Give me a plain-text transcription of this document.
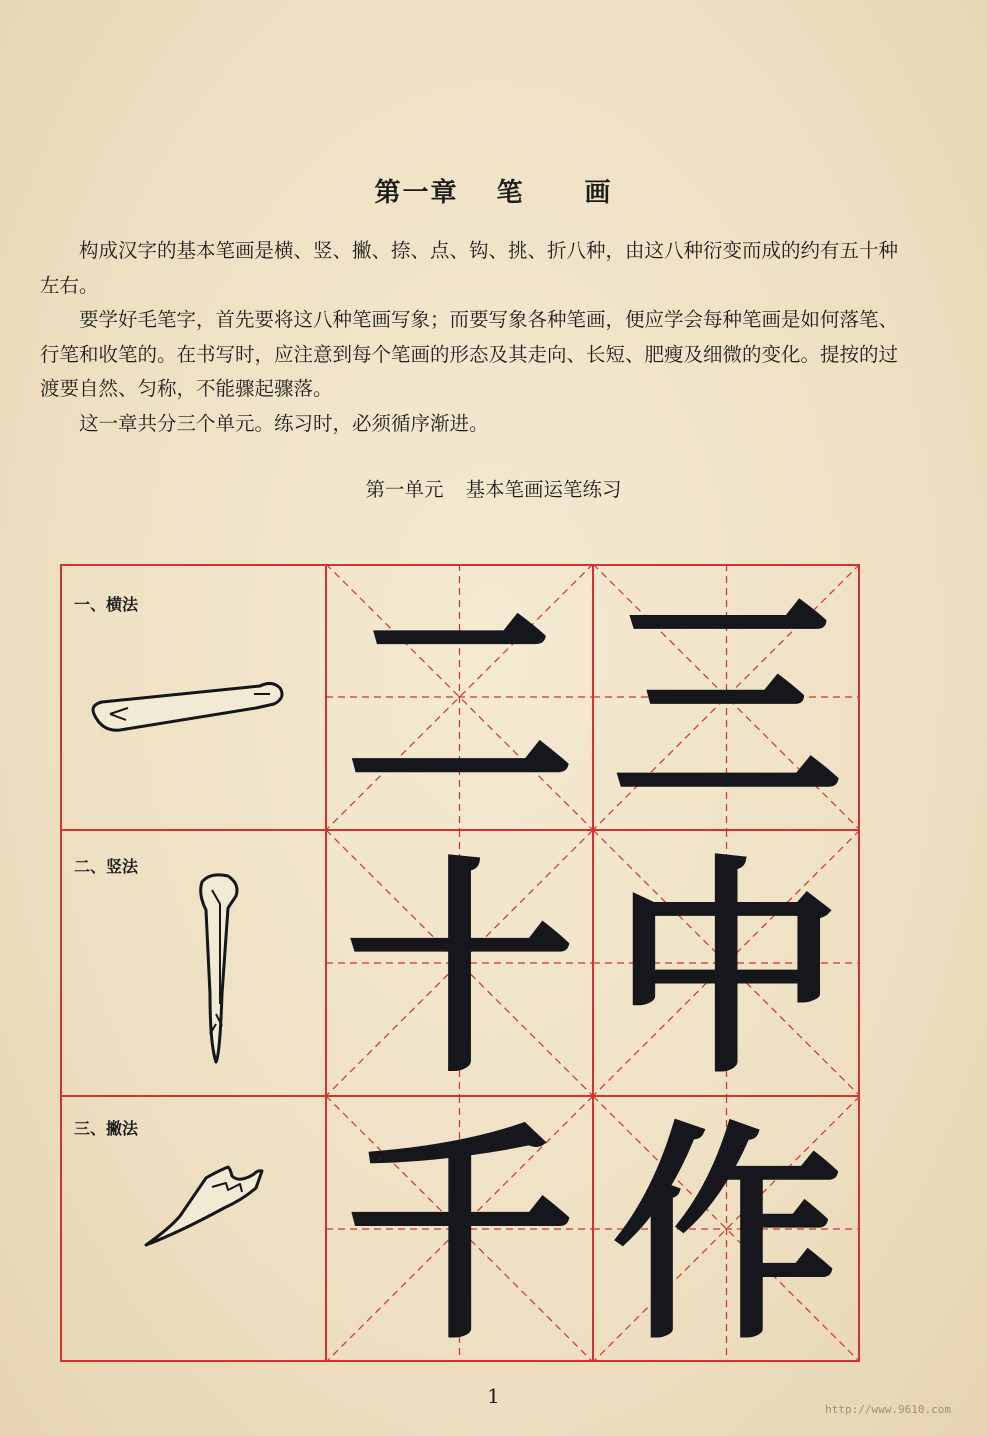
第一章 笔 画

构成汉字的基本笔画是横、竖、撇、捺、点、钩、挑、折八种，由这八种衍变而成的约有五十种左右。

要学好毛笔字，首先要将这八种笔画写象；而要写象各种笔画，便应学会每种笔画是如何落笔、行笔和收笔的。在书写时，应注意到每个笔画的形态及其走向、长短、肥瘦及细微的变化。提按的过渡要自然、匀称，不能骤起骤落。

这一章共分三个单元。练习时，必须循序渐进。

第一单元 基本笔画运笔练习
二 三
十 中
千 作
一、横法
二、竖法
三、撇法
1
http://www.9610.com
